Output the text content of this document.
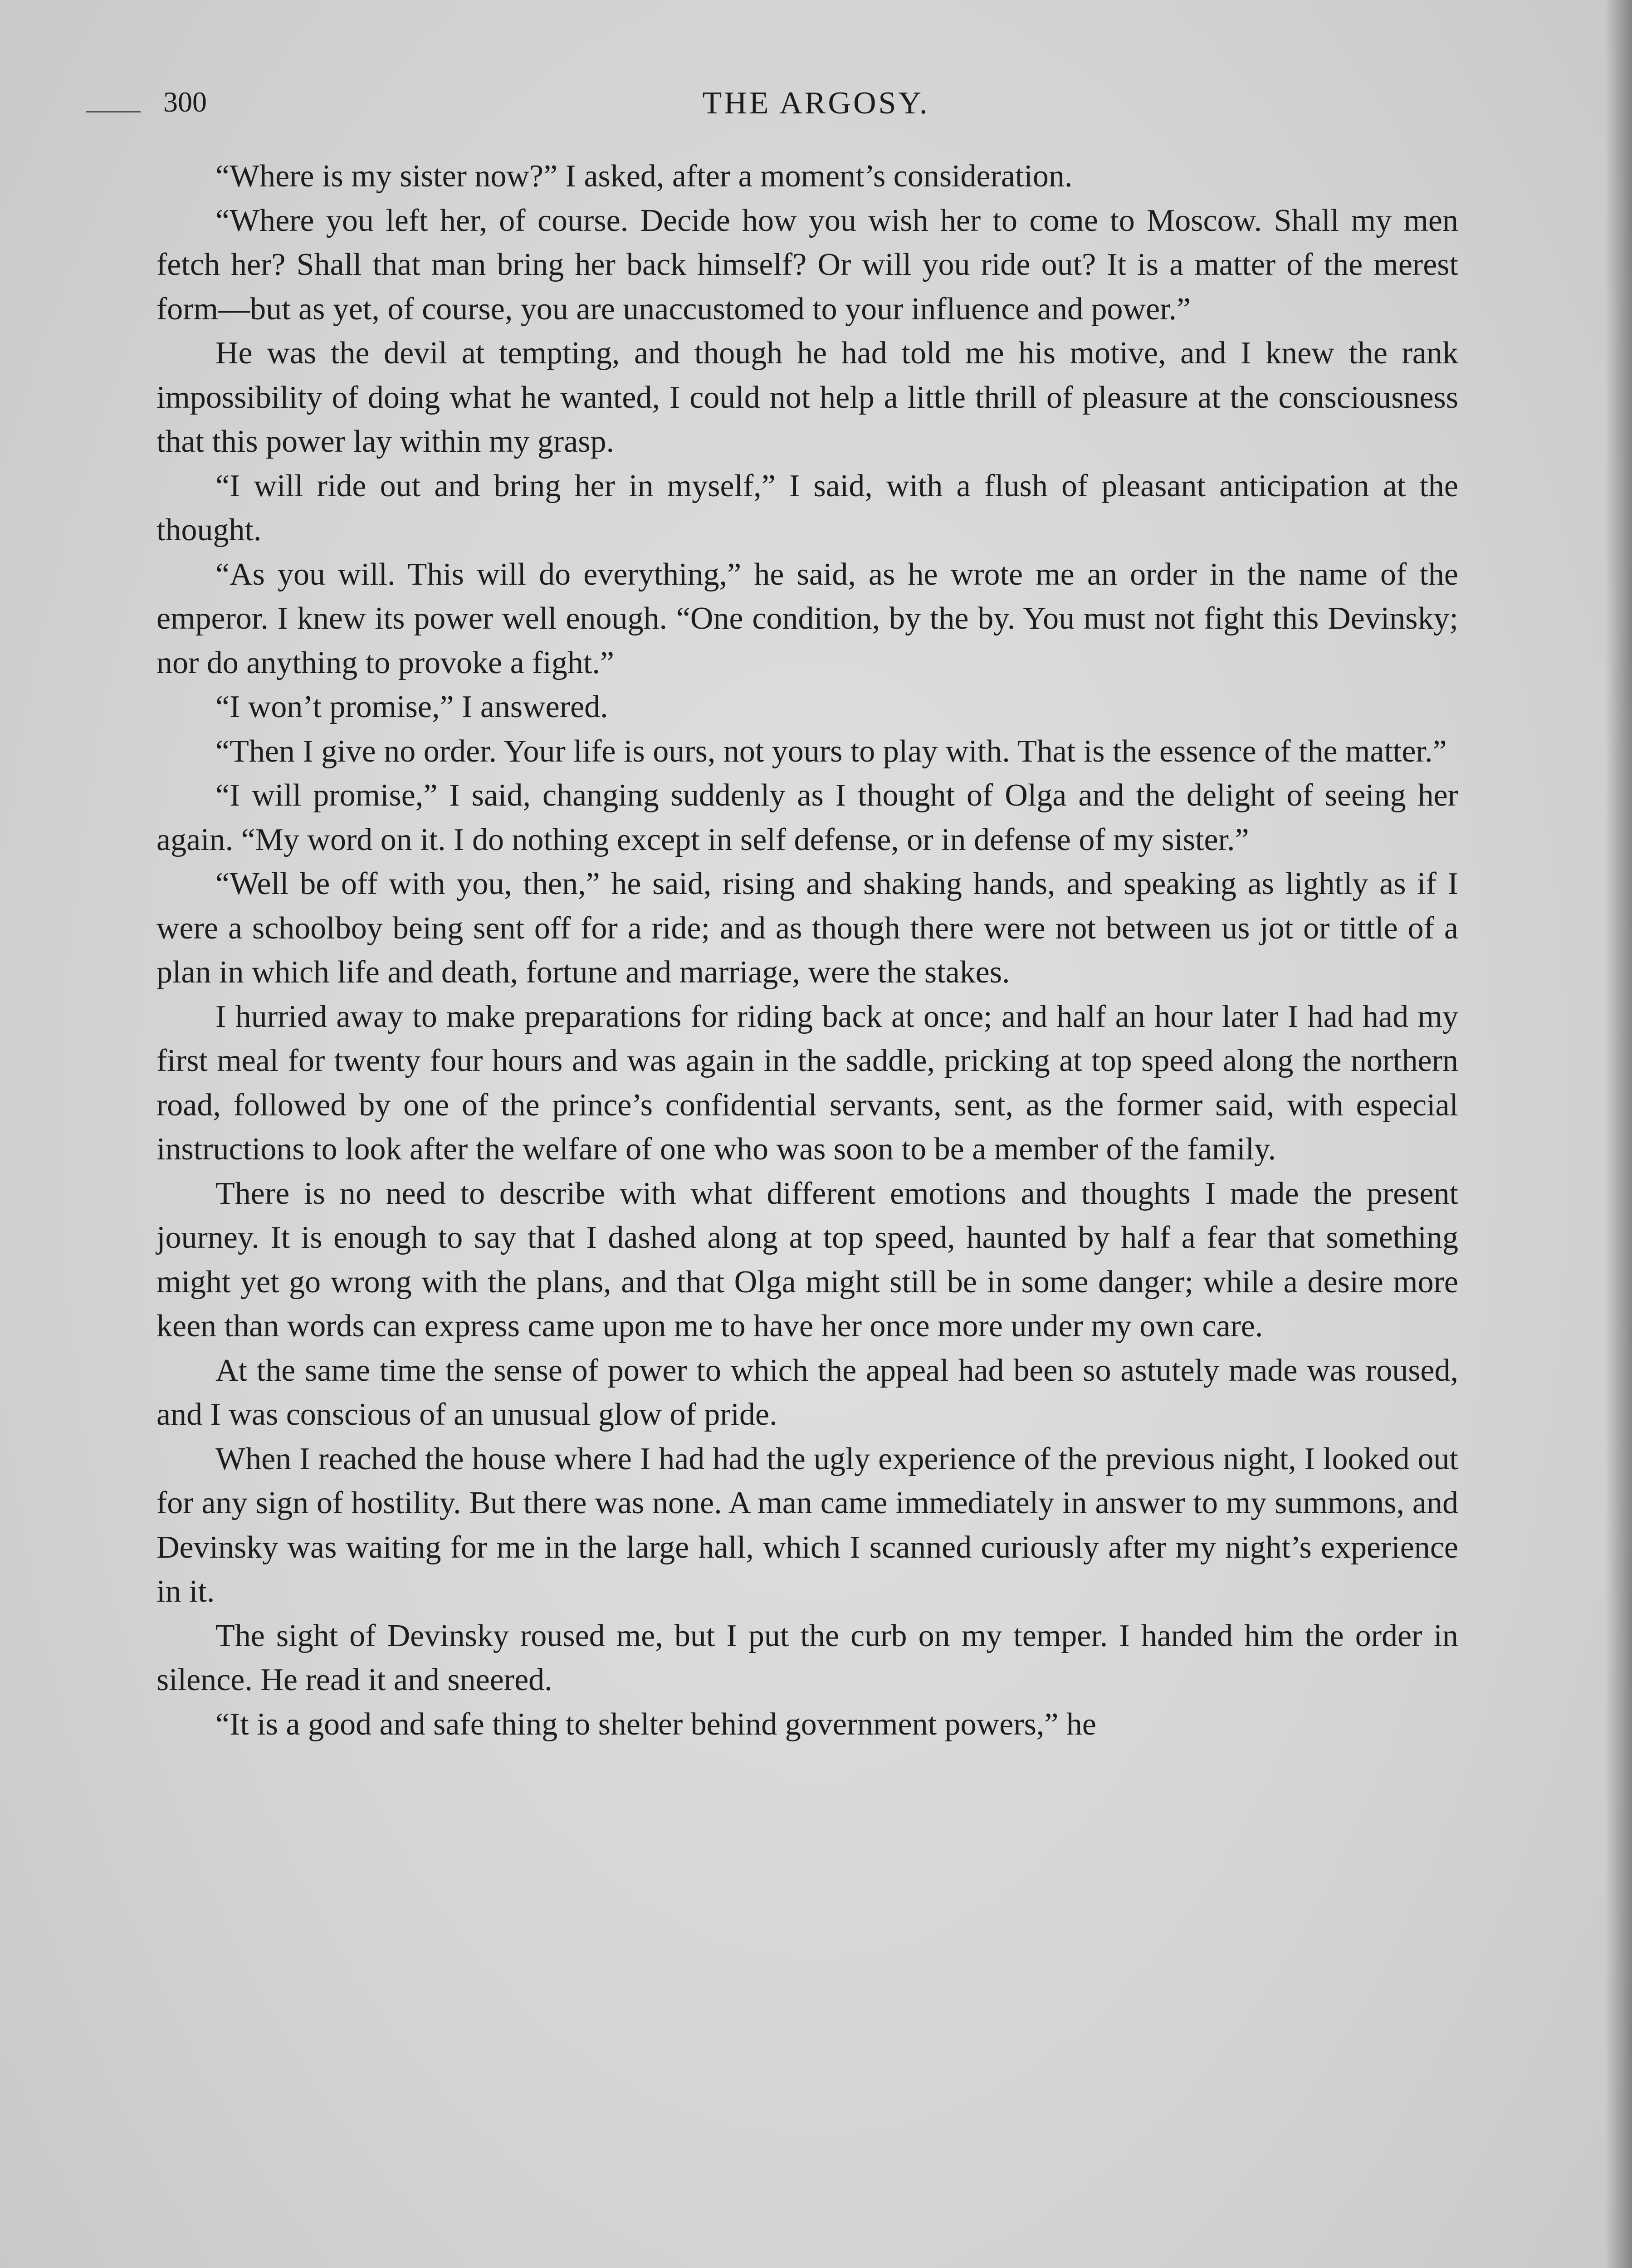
300	THE ARGOSY.

“Where is my sister now?” I asked, after a moment’s consideration.

“Where you left her, of course. Decide how you wish her to come to Moscow. Shall my men fetch her? Shall that man bring her back himself? Or will you ride out? It is a matter of the merest form—but as yet, of course, you are unaccustomed to your influence and power.”

He was the devil at tempting, and though he had told me his motive, and I knew the rank impossibility of doing what he wanted, I could not help a little thrill of pleasure at the consciousness that this power lay within my grasp.

“I will ride out and bring her in myself,” I said, with a flush of pleasant anticipation at the thought.

“As you will. This will do everything,” he said, as he wrote me an order in the name of the emperor. I knew its power well enough. “One condition, by the by. You must not fight this Devinsky; nor do anything to provoke a fight.”

“I won’t promise,” I answered.

“Then I give no order. Your life is ours, not yours to play with. That is the essence of the matter.”

“I will promise,” I said, changing suddenly as I thought of Olga and the delight of seeing her again. “My word on it. I do nothing except in self defense, or in defense of my sister.”

“Well be off with you, then,” he said, rising and shaking hands, and speaking as lightly as if I were a schoolboy being sent off for a ride; and as though there were not between us jot or tittle of a plan in which life and death, fortune and marriage, were the stakes.

I hurried away to make preparations for riding back at once; and half an hour later I had had my first meal for twenty four hours and was again in the saddle, pricking at top speed along the northern road, followed by one of the prince’s confidential servants, sent, as the former said, with especial instructions to look after the welfare of one who was soon to be a member of the family.

There is no need to describe with what different emotions and thoughts I made the present journey. It is enough to say that I dashed along at top speed, haunted by half a fear that something might yet go wrong with the plans, and that Olga might still be in some danger; while a desire more keen than words can express came upon me to have her once more under my own care.

At the same time the sense of power to which the appeal had been so astutely made was roused, and I was conscious of an unusual glow of pride.

When I reached the house where I had had the ugly experience of the previous night, I looked out for any sign of hostility. But there was none. A man came immediately in answer to my summons, and Devinsky was waiting for me in the large hall, which I scanned curiously after my night’s experience in it.

The sight of Devinsky roused me, but I put the curb on my temper. I handed him the order in silence. He read it and sneered.

“It is a good and safe thing to shelter behind government powers,” he
